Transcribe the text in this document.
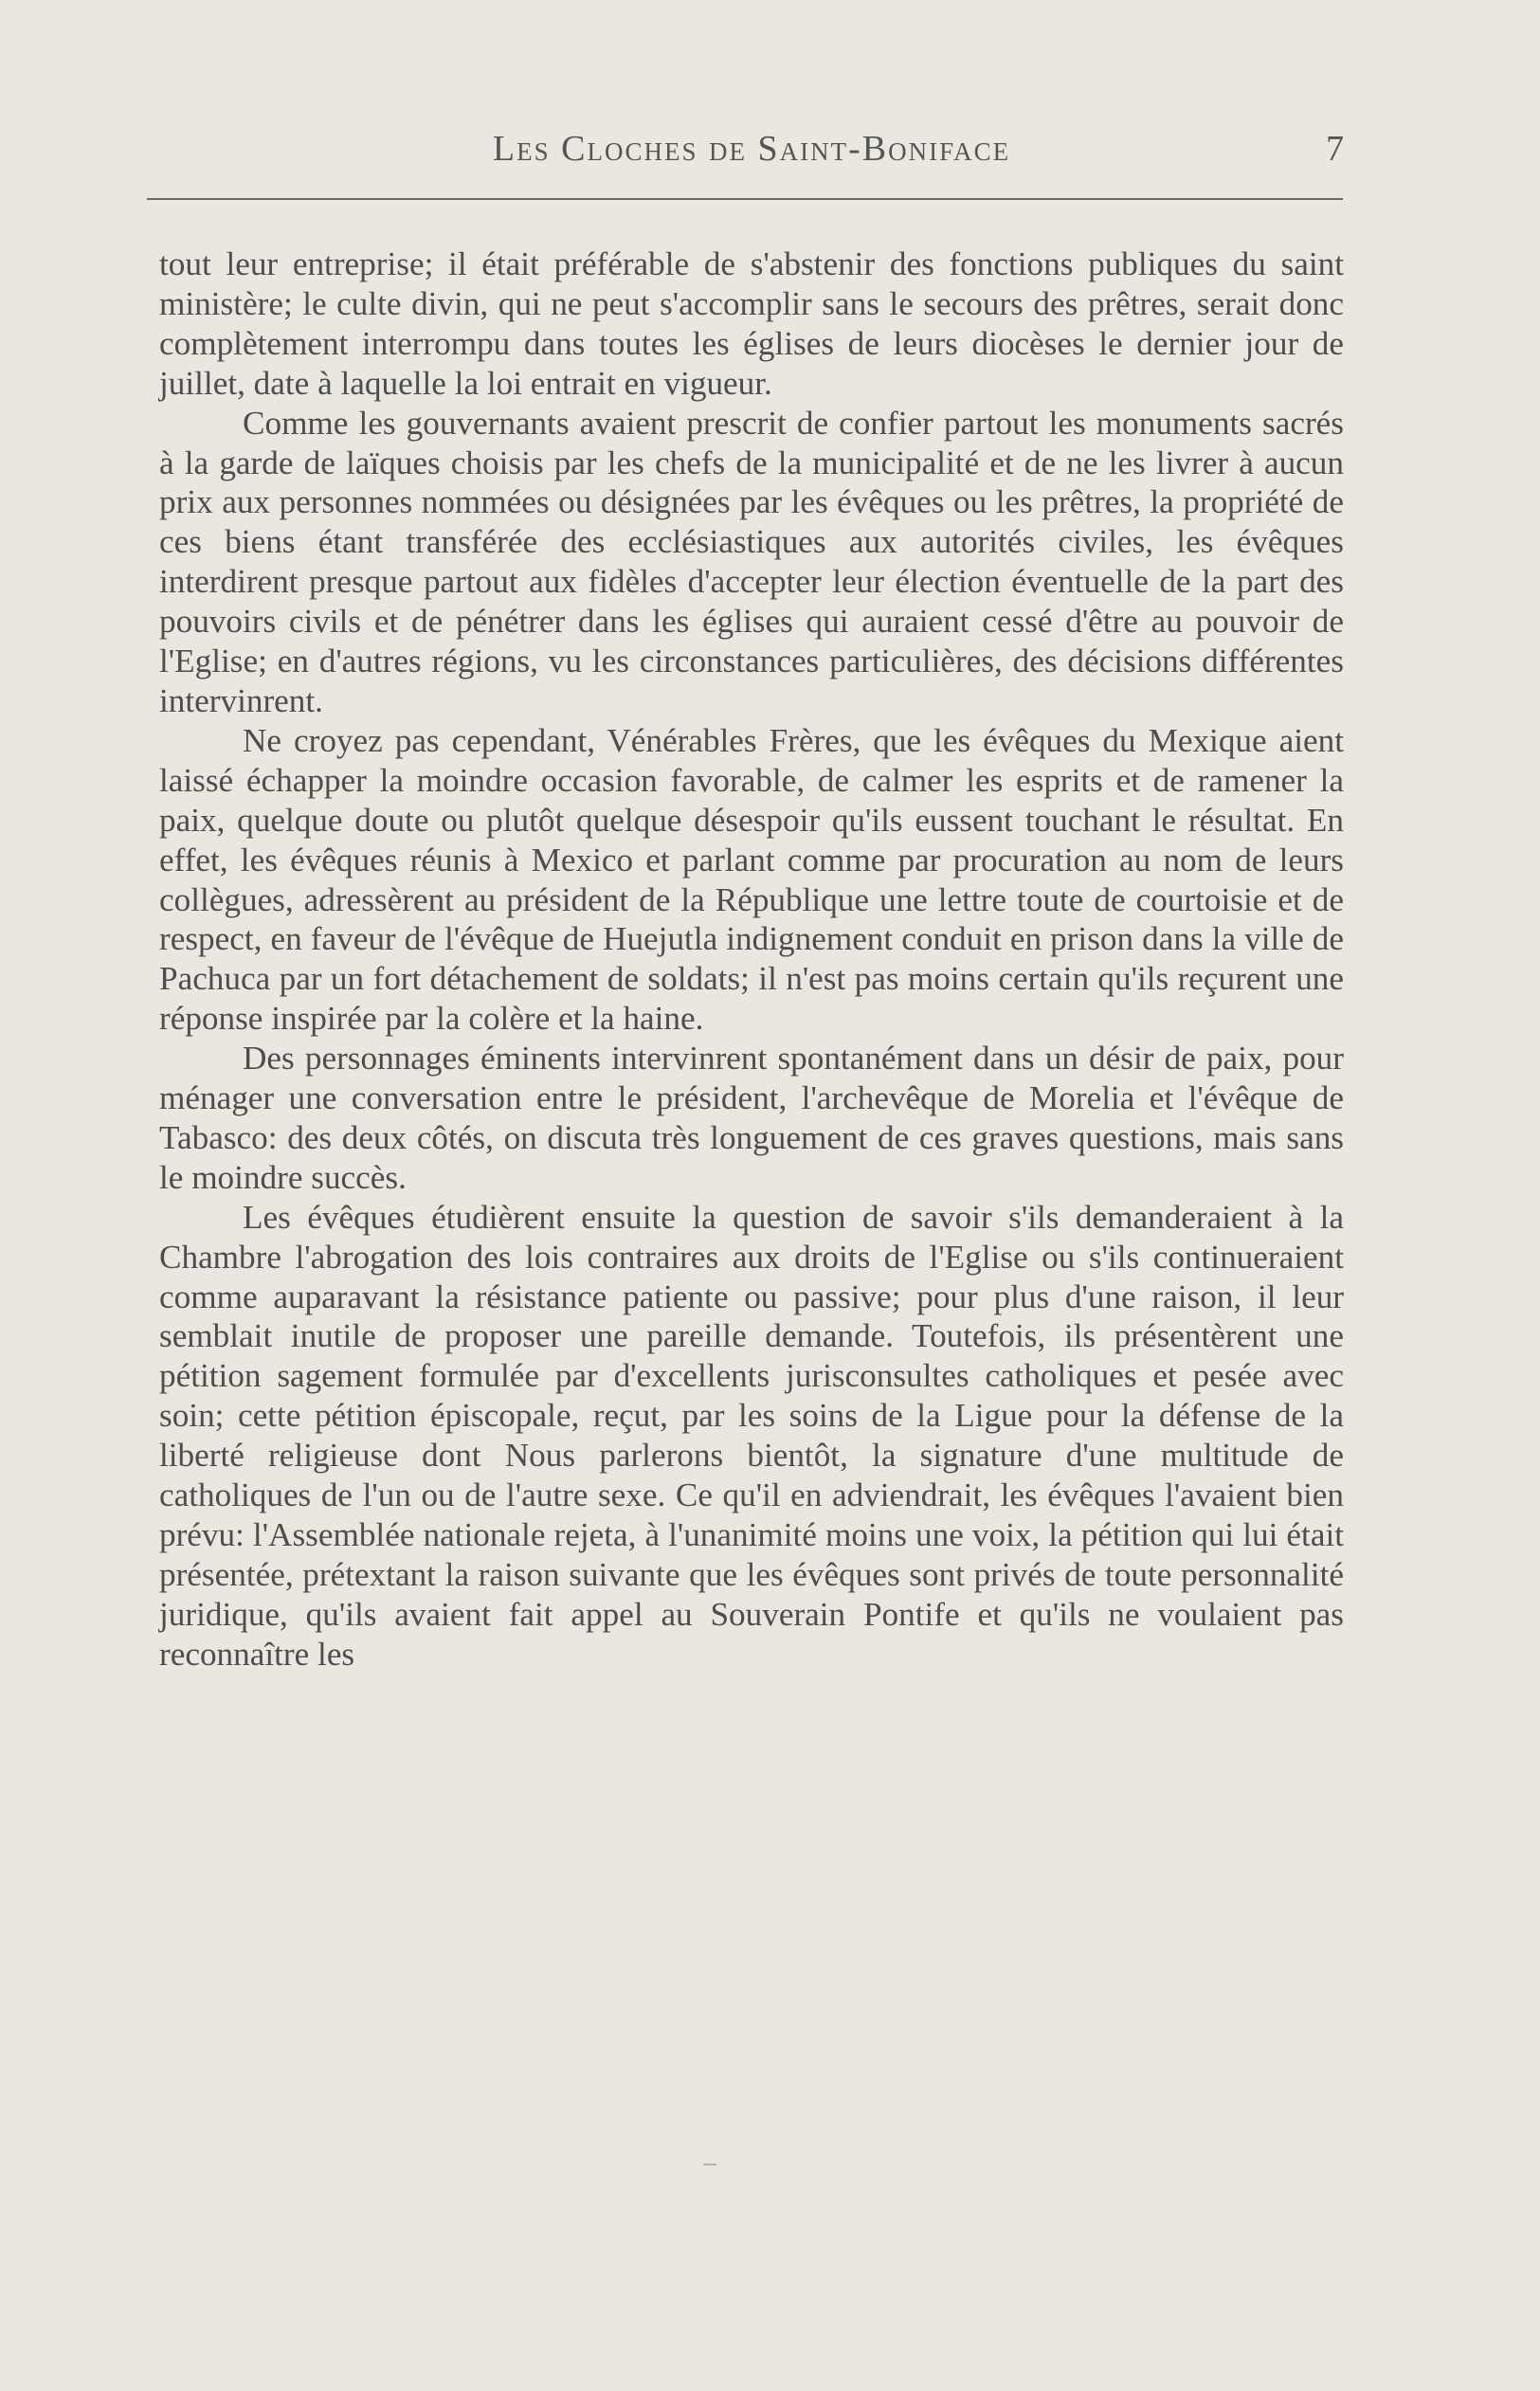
Les Cloches de Saint-Boniface	7

tout leur entreprise; il était préférable de s'abstenir des fonctions publiques du saint ministère; le culte divin, qui ne peut s'accomplir sans le secours des prêtres, serait donc complètement interrompu dans toutes les églises de leurs diocèses le dernier jour de juillet, date à laquelle la loi entrait en vigueur.

Comme les gouvernants avaient prescrit de confier partout les monuments sacrés à la garde de laïques choisis par les chefs de la municipalité et de ne les livrer à aucun prix aux personnes nommées ou désignées par les évêques ou les prêtres, la propriété de ces biens étant transférée des ecclésiastiques aux autorités civiles, les évêques interdirent presque partout aux fidèles d'accepter leur élection éventuelle de la part des pouvoirs civils et de pénétrer dans les églises qui auraient cessé d'être au pouvoir de l'Eglise; en d'autres régions, vu les circonstances particulières, des décisions différentes intervinrent.

Ne croyez pas cependant, Vénérables Frères, que les évêques du Mexique aient laissé échapper la moindre occasion favorable, de calmer les esprits et de ramener la paix, quelque doute ou plutôt quelque désespoir qu'ils eussent touchant le résultat. En effet, les évêques réunis à Mexico et parlant comme par procuration au nom de leurs collègues, adressèrent au président de la République une lettre toute de courtoisie et de respect, en faveur de l'évêque de Huejutla indignement conduit en prison dans la ville de Pachuca par un fort détachement de soldats; il n'est pas moins certain qu'ils reçurent une réponse inspirée par la colère et la haine.

Des personnages éminents intervinrent spontanément dans un désir de paix, pour ménager une conversation entre le président, l'archevêque de Morelia et l'évêque de Tabasco: des deux côtés, on discuta très longuement de ces graves questions, mais sans le moindre succès.

Les évêques étudièrent ensuite la question de savoir s'ils demanderaient à la Chambre l'abrogation des lois contraires aux droits de l'Eglise ou s'ils continueraient comme auparavant la résistance patiente ou passive; pour plus d'une raison, il leur semblait inutile de proposer une pareille demande. Toutefois, ils présentèrent une pétition sagement formulée par d'excellents jurisconsultes catholiques et pesée avec soin; cette pétition épiscopale, reçut, par les soins de la Ligue pour la défense de la liberté religieuse dont Nous parlerons bientôt, la signature d'une multitude de catholiques de l'un ou de l'autre sexe. Ce qu'il en adviendrait, les évêques l'avaient bien prévu: l'Assemblée nationale rejeta, à l'unanimité moins une voix, la pétition qui lui était présentée, prétextant la raison suivante que les évêques sont privés de toute personnalité juridique, qu'ils avaient fait appel au Souverain Pontife et qu'ils ne voulaient pas reconnaître les
